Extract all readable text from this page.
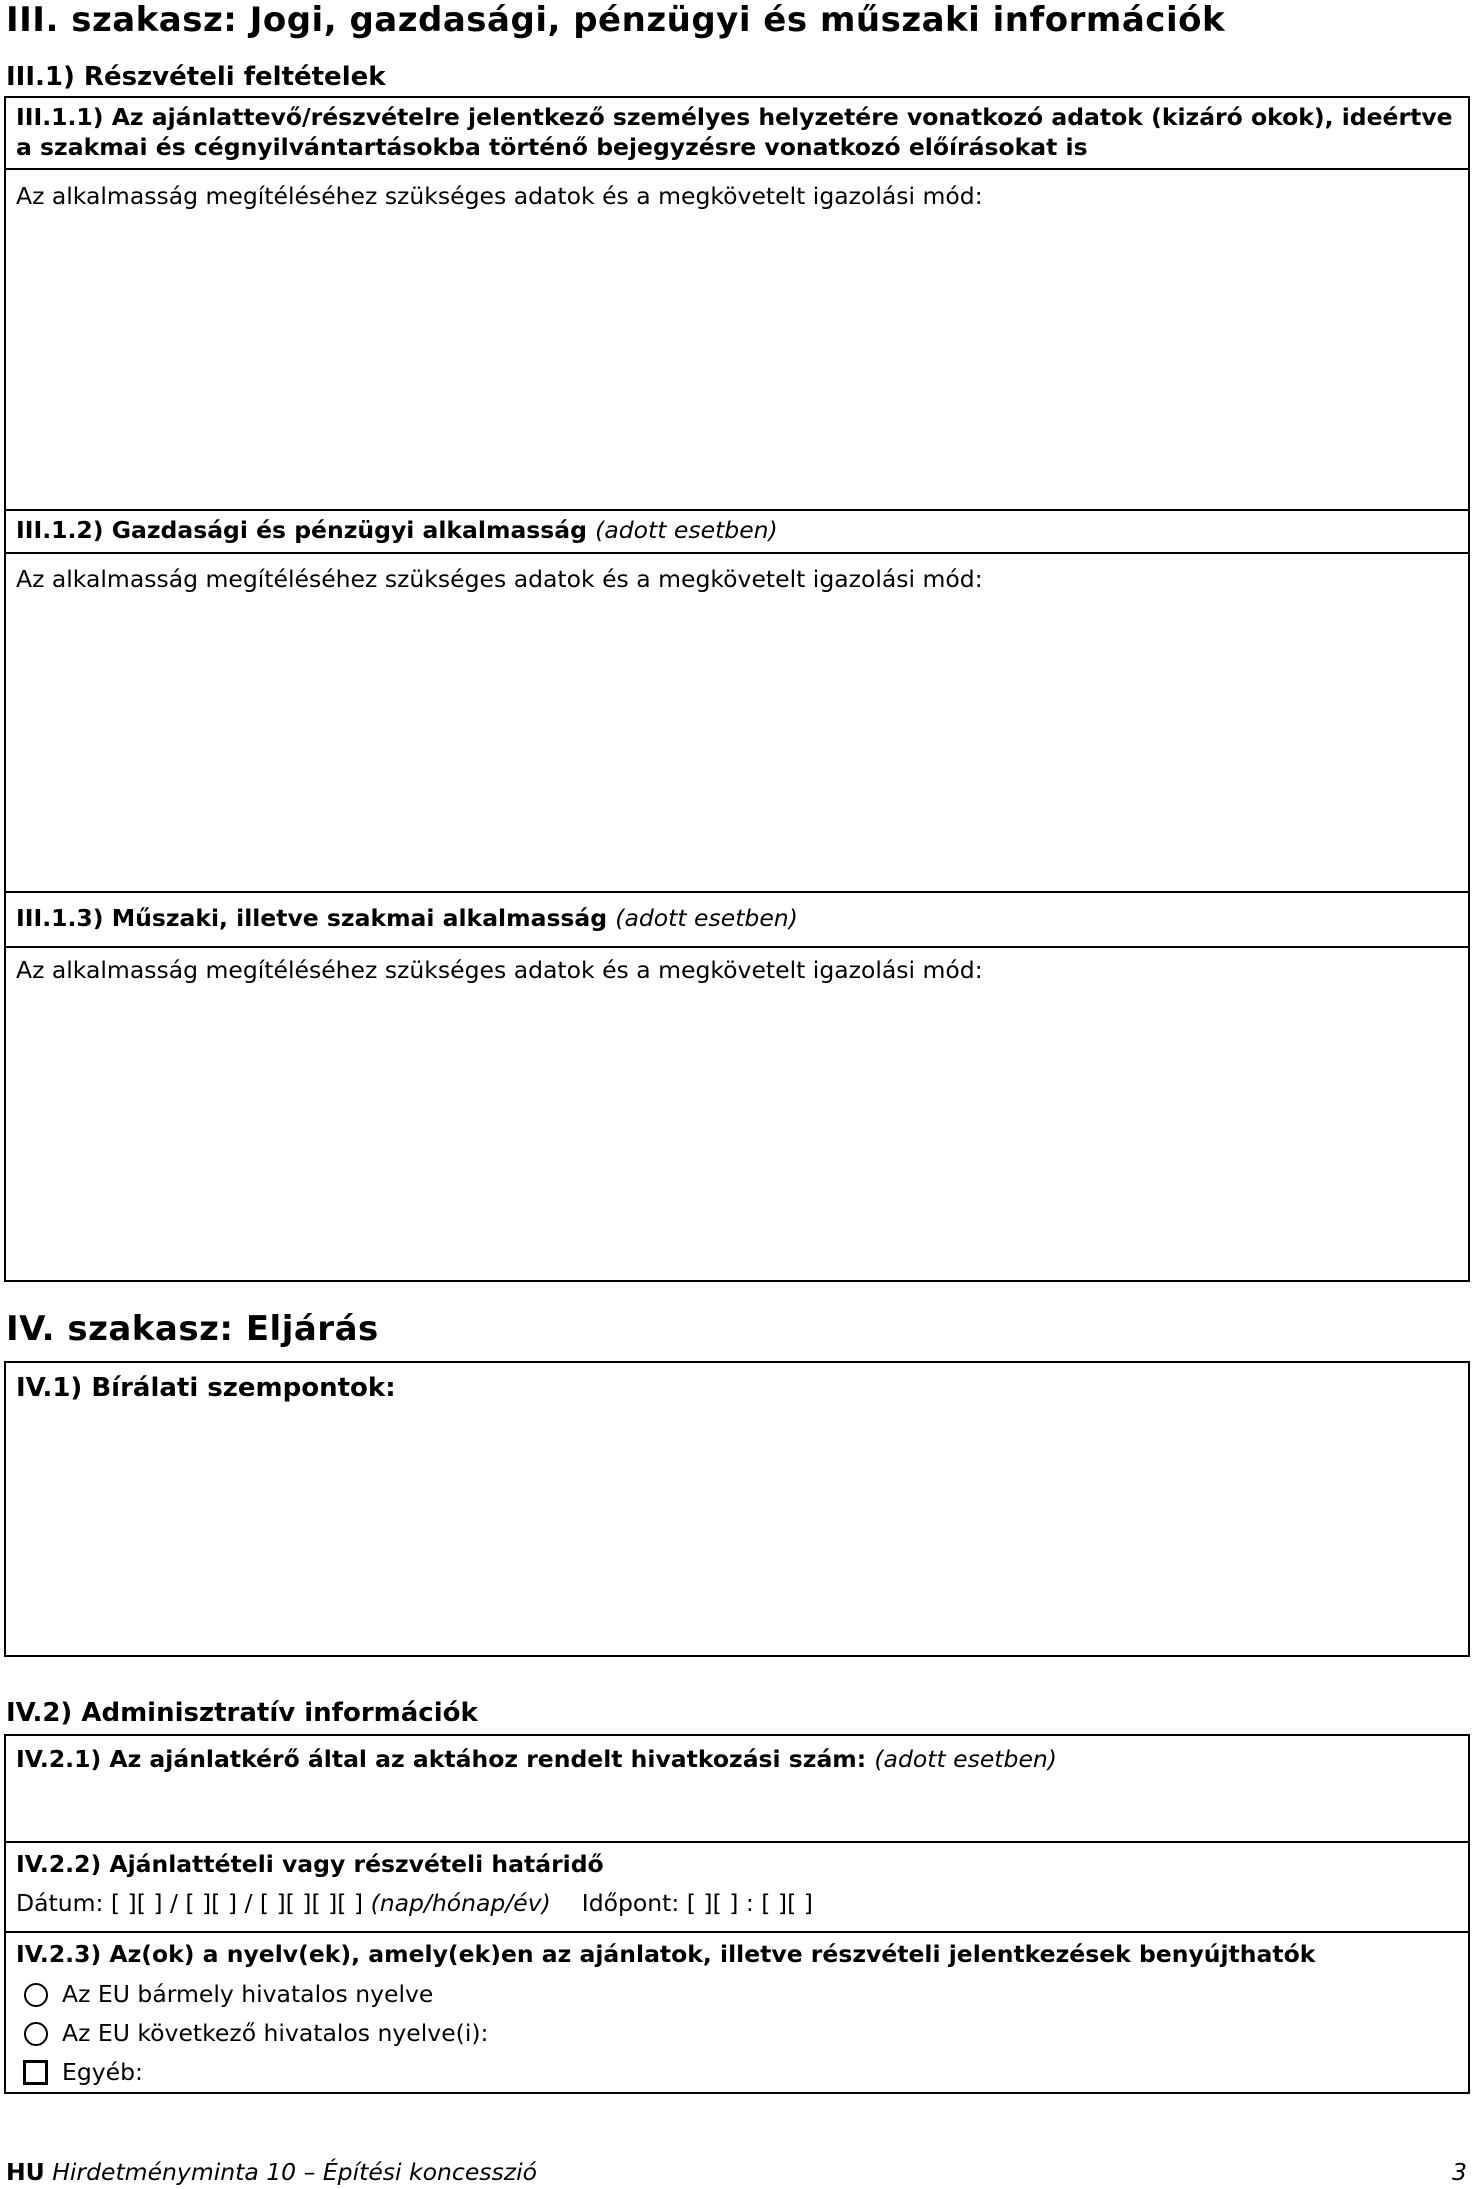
III. szakasz: Jogi, gazdasági, pénzügyi és műszaki információk
III.1) Részvételi feltételek
III.1.1) Az ajánlattevő/részvételre jelentkező személyes helyzetére vonatkozó adatok (kizáró okok), ideértve a szakmai és cégnyilvántartásokba történő bejegyzésre vonatkozó előírásokat is
Az alkalmasság megítéléséhez szükséges adatok és a megkövetelt igazolási mód:
III.1.2) Gazdasági és pénzügyi alkalmasság (adott esetben)
Az alkalmasság megítéléséhez szükséges adatok és a megkövetelt igazolási mód:
III.1.3) Műszaki, illetve szakmai alkalmasság (adott esetben)
Az alkalmasság megítéléséhez szükséges adatok és a megkövetelt igazolási mód:
IV. szakasz: Eljárás
IV.1) Bírálati szempontok:
IV.2) Adminisztratív információk
IV.2.1) Az ajánlatkérő által az aktához rendelt hivatkozási szám: (adott esetben)
IV.2.2) Ajánlattételi vagy részvételi határidő
Dátum: [ ][ ] / [ ][ ] / [ ][ ][ ][ ] (nap/hónap/év) Időpont: [ ][ ] : [ ][ ]
IV.2.3) Az(ok) a nyelv(ek), amely(ek)en az ajánlatok, illetve részvételi jelentkezések benyújthatók
Az EU bármely hivatalos nyelve
Az EU következő hivatalos nyelve(i):
Egyéb:
HU Hirdetményminta 10 – Építési koncesszió	3
